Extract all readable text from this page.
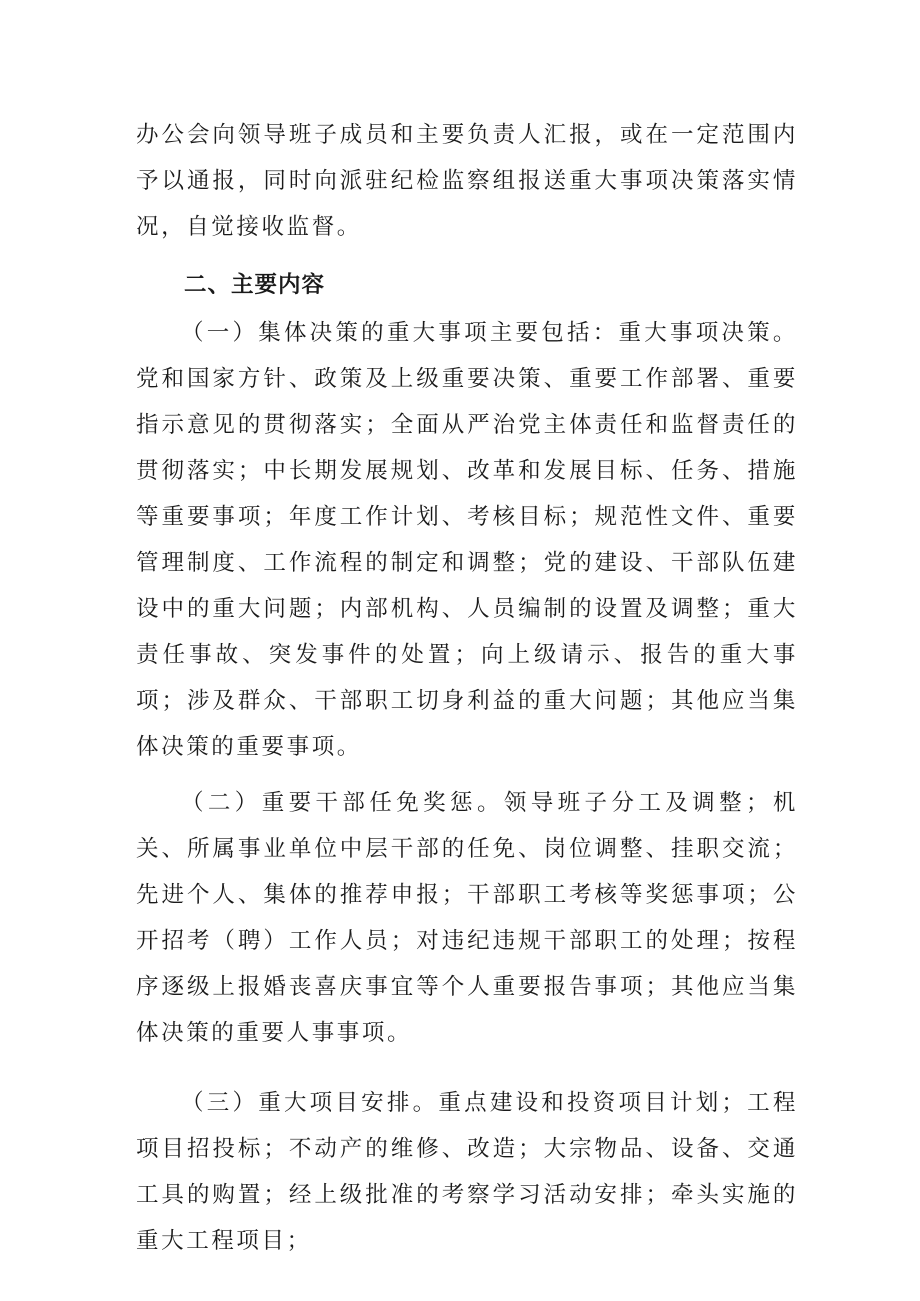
办公会向领导班子成员和主要负责人汇报，或在一定范围内予以通报，同时向派驻纪检监察组报送重大事项决策落实情况，自觉接收监督。

二、主要内容

（一）集体决策的重大事项主要包括：重大事项决策。党和国家方针、政策及上级重要决策、重要工作部署、重要指示意见的贯彻落实；全面从严治党主体责任和监督责任的贯彻落实；中长期发展规划、改革和发展目标、任务、措施等重要事项；年度工作计划、考核目标；规范性文件、重要管理制度、工作流程的制定和调整；党的建设、干部队伍建设中的重大问题；内部机构、人员编制的设置及调整；重大责任事故、突发事件的处置；向上级请示、报告的重大事项；涉及群众、干部职工切身利益的重大问题；其他应当集体决策的重要事项。

（二）重要干部任免奖惩。领导班子分工及调整；机关、所属事业单位中层干部的任免、岗位调整、挂职交流；先进个人、集体的推荐申报；干部职工考核等奖惩事项；公开招考（聘）工作人员；对违纪违规干部职工的处理；按程序逐级上报婚丧喜庆事宜等个人重要报告事项；其他应当集体决策的重要人事事项。

（三）重大项目安排。重点建设和投资项目计划；工程项目招投标；不动产的维修、改造；大宗物品、设备、交通工具的购置；经上级批准的考察学习活动安排；牵头实施的重大工程项目；
